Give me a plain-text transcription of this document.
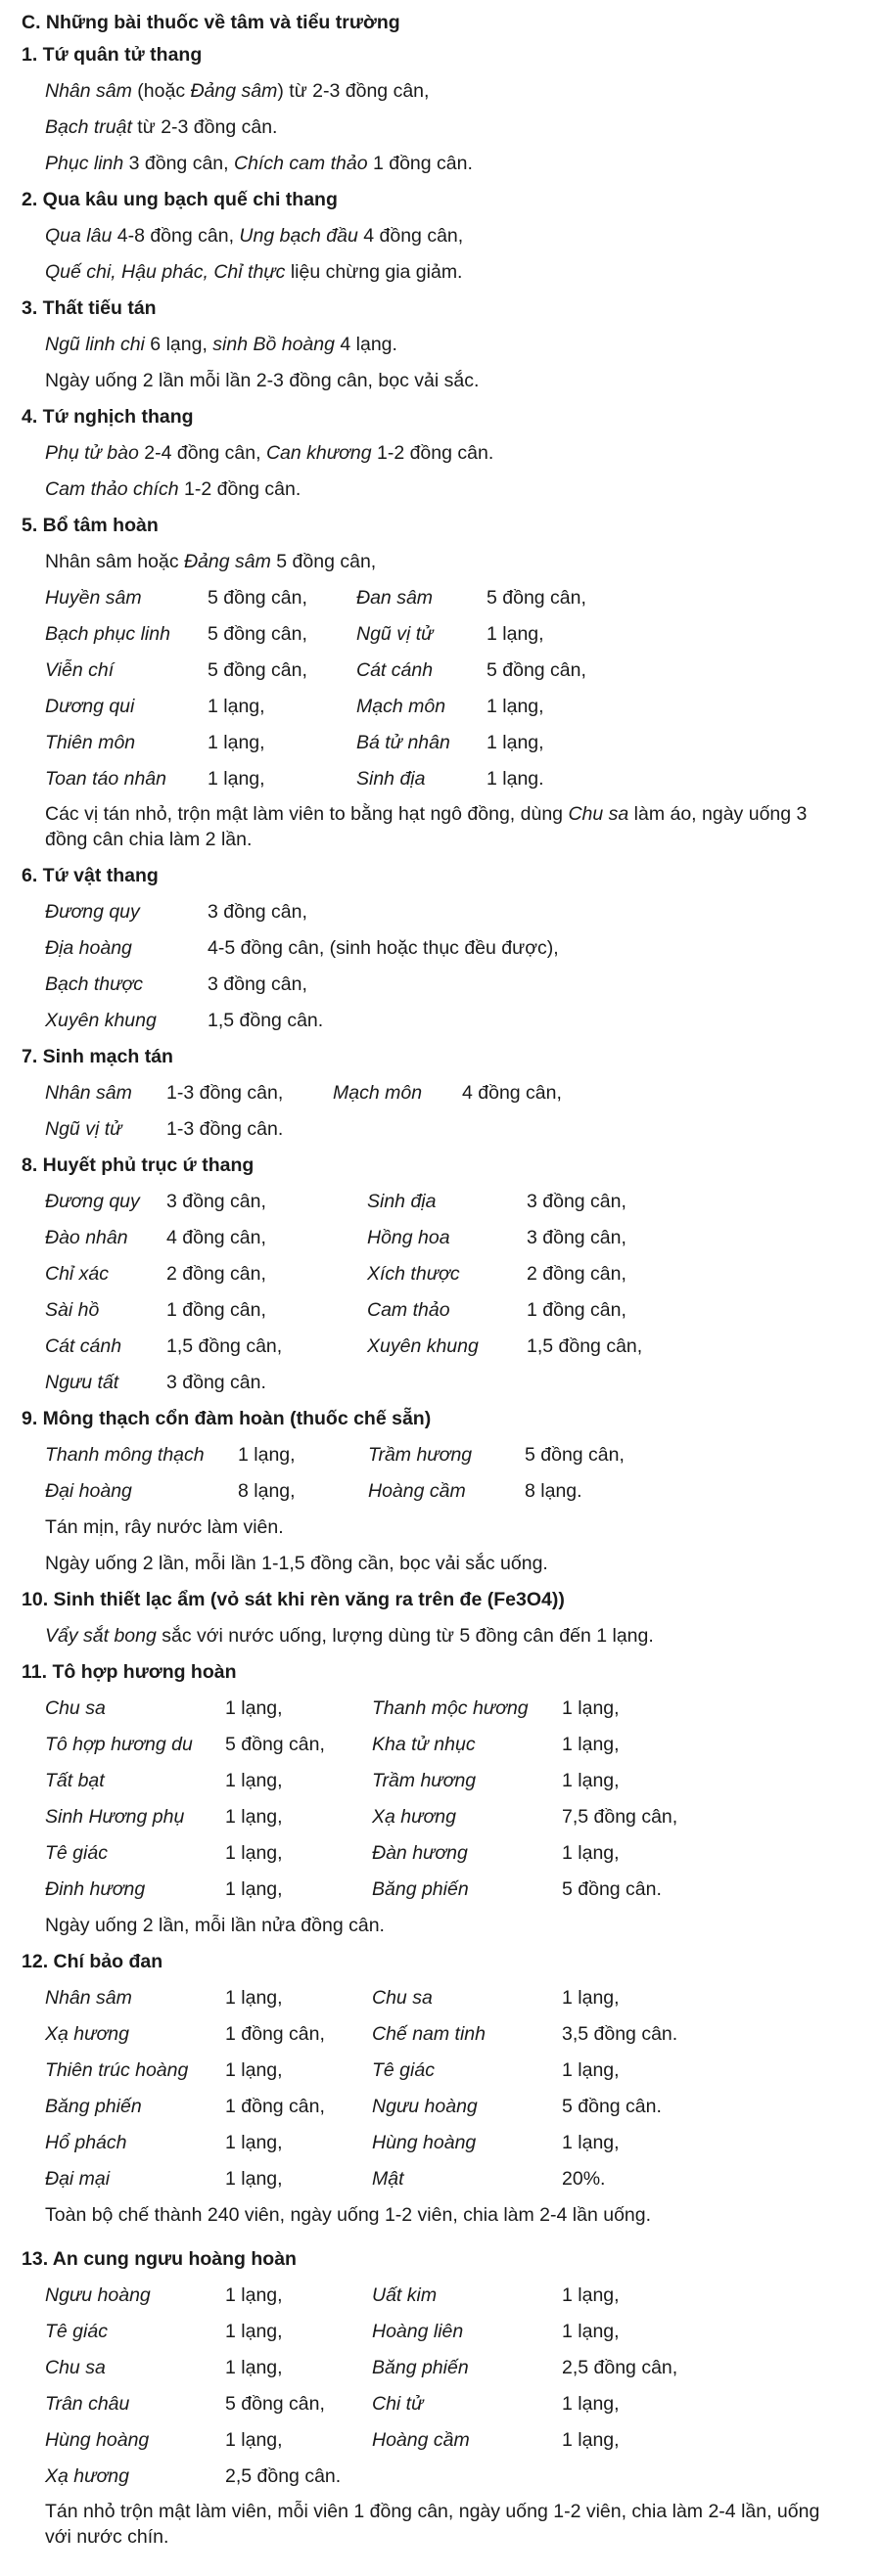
C. Những bài thuốc về tâm và tiểu trường
1. Tứ quân tử thang
Nhân sâm (hoặc Đảng sâm) từ 2-3 đồng cân,
Bạch truật từ 2-3 đồng cân.
Phục linh 3 đồng cân, Chích cam thảo 1 đồng cân.
2. Qua kâu ung bạch quế chi thang
Qua lâu 4-8 đồng cân, Ung bạch đầu 4 đồng cân,
Quế chi, Hậu phác, Chỉ thực liệu chừng gia giảm.
3. Thất tiếu tán
Ngũ linh chi 6 lạng, sinh Bồ hoàng 4 lạng.
Ngày uống 2 lần mỗi lần 2-3 đồng cân, bọc vải sắc.
4. Tứ nghịch thang
Phụ tử bào 2-4 đồng cân, Can khương 1-2 đồng cân.
Cam thảo chích 1-2 đồng cân.
5. Bổ tâm hoàn
Nhân sâm hoặc Đảng sâm 5 đồng cân,
Huyền sâm	5 đồng cân,	Đan sâm	5 đồng cân,
Bạch phục linh	5 đồng cân,	Ngũ vị tử	1 lạng,
Viễn chí	5 đồng cân,	Cát cánh	5 đồng cân,
Dương qui	1 lạng,	Mạch môn	1 lạng,
Thiên môn	1 lạng,	Bá tử nhân	1 lạng,
Toan táo nhân	1 lạng,	Sinh địa	1 lạng.
Các vị tán nhỏ, trộn mật làm viên to bằng hạt ngô đồng, dùng Chu sa làm áo, ngày uống 3 đồng cân chia làm 2 lần.
6. Tứ vật thang
Đương quy	3 đồng cân,
Địa hoàng	4-5 đồng cân, (sinh hoặc thục đều được),
Bạch thược	3 đồng cân,
Xuyên khung	1,5 đồng cân.
7. Sinh mạch tán
Nhân sâm	1-3 đồng cân,	Mạch môn	4 đồng cân,
Ngũ vị tử	1-3 đồng cân.
8. Huyết phủ trục ứ thang
Đương quy	3 đồng cân,	Sinh địa	3 đồng cân,
Đào nhân	4 đồng cân,	Hồng hoa	3 đồng cân,
Chỉ xác	2 đồng cân,	Xích thược	2 đồng cân,
Sài hồ	1 đồng cân,	Cam thảo	1 đồng cân,
Cát cánh	1,5 đồng cân,	Xuyên khung	1,5 đồng cân,
Ngưu tất	3 đồng cân.
9. Mông thạch cổn đàm hoàn (thuốc chế sẵn)
Thanh mông thạch	1 lạng,	Trầm hương	5 đồng cân,
Đại hoàng	8 lạng,	Hoàng cầm	8 lạng.
Tán mịn, rây nước làm viên.
Ngày uống 2 lần, mỗi lần 1-1,5 đồng cần, bọc vải sắc uống.
10. Sinh thiết lạc ẩm (vỏ sát khi rèn văng ra trên đe (Fe3O4))
Vẩy sắt bong sắc với nước uống, lượng dùng từ 5 đồng cân đến 1 lạng.
11. Tô hợp hương hoàn
Chu sa	1 lạng,	Thanh mộc hương	1 lạng,
Tô hợp hương du	5 đồng cân,	Kha tử nhục	1 lạng,
Tất bạt	1 lạng,	Trầm hương	1 lạng,
Sinh Hương phụ	1 lạng,	Xạ hương	7,5 đồng cân,
Tê giác	1 lạng,	Đàn hương	1 lạng,
Đinh hương	1 lạng,	Băng phiến	5 đồng cân.
Ngày uống 2 lần, mỗi lần nửa đồng cân.
12. Chí bảo đan
Nhân sâm	1 lạng,	Chu sa	1 lạng,
Xạ hương	1 đồng cân,	Chế nam tinh	3,5 đồng cân.
Thiên trúc hoàng	1 lạng,	Tê giác	1 lạng,
Băng phiến	1 đồng cân,	Ngưu hoàng	5 đồng cân.
Hổ phách	1 lạng,	Hùng hoàng	1 lạng,
Đại mại	1 lạng,	Mật	20%.
Toàn bộ chế thành 240 viên, ngày uống 1-2 viên, chia làm 2-4 lần uống.
13. An cung ngưu hoàng hoàn
Ngưu hoàng	1 lạng,	Uất kim	1 lạng,
Tê giác	1 lạng,	Hoàng liên	1 lạng,
Chu sa	1 lạng,	Băng phiến	2,5 đồng cân,
Trân châu	5 đồng cân,	Chi tử	1 lạng,
Hùng hoàng	1 lạng,	Hoàng cầm	1 lạng,
Xạ hương	2,5 đồng cân.
Tán nhỏ trộn mật làm viên, mỗi viên 1 đồng cân, ngày uống 1-2 viên, chia làm 2-4 lần, uống với nước chín.
